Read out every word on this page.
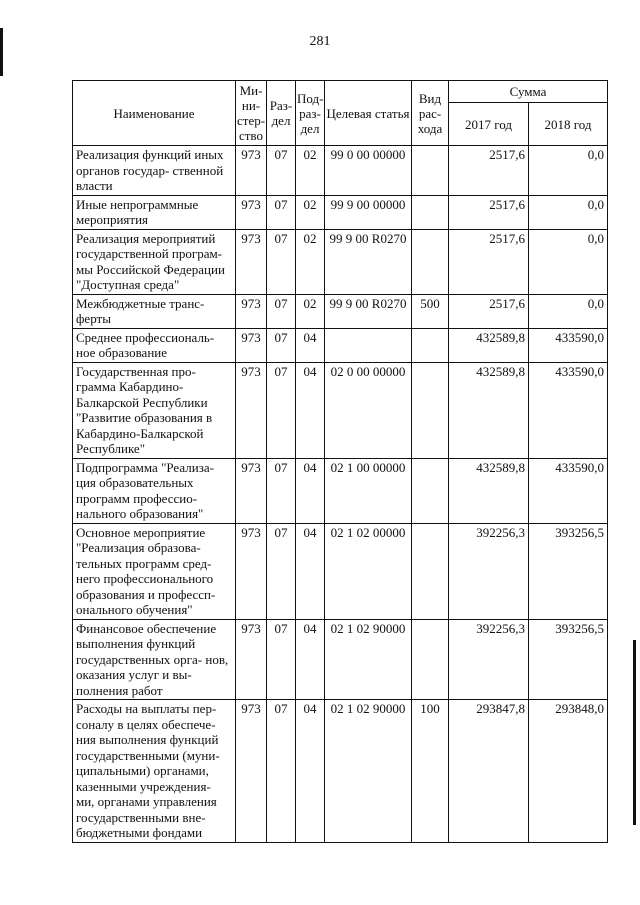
281
Наименование	Ми- ни- стер- ство	Раз- дел	Под- раз- дел	Целевая статья	Вид рас- хода	Сумма	
						2017 год	2018 год
Реализация функций иных органов государ- ственной власти	973	07	02	99 0 00 00000		2517,6	0,0
Иные непрограммные мероприятия	973	07	02	99 9 00 00000		2517,6	0,0
Реализация мероприятий государственной програм- мы Российской Федерации "Доступная среда"	973	07	02	99 9 00 R0270		2517,6	0,0
Межбюджетные транс- ферты	973	07	02	99 9 00 R0270	500	2517,6	0,0
Среднее профессиональ- ное образование	973	07	04			432589,8	433590,0
Государственная про- грамма Кабардино- Балкарской Республики "Развитие образования в Кабардино-Балкарской Республике"	973	07	04	02 0 00 00000		432589,8	433590,0
Подпрограмма "Реализа- ция образовательных программ профессио- нального образования"	973	07	04	02 1 00 00000		432589,8	433590,0
Основное мероприятие "Реализация образова- тельных программ сред- него профессионального образования и профессп- онального обучения"	973	07	04	02 1 02 00000		392256,3	393256,5
Финансовое обеспечение выполнения функций государственных орга- нов, оказания услуг и вы- полнения работ	973	07	04	02 1 02 90000		392256,3	393256,5
Расходы на выплаты пер- соналу в целях обеспече- ния выполнения функций государственными (муни- ципальными) органами, казенными учреждения- ми, органами управления государственными вне- бюджетными фондами	973	07	04	02 1 02 90000	100	293847,8	293848,0
